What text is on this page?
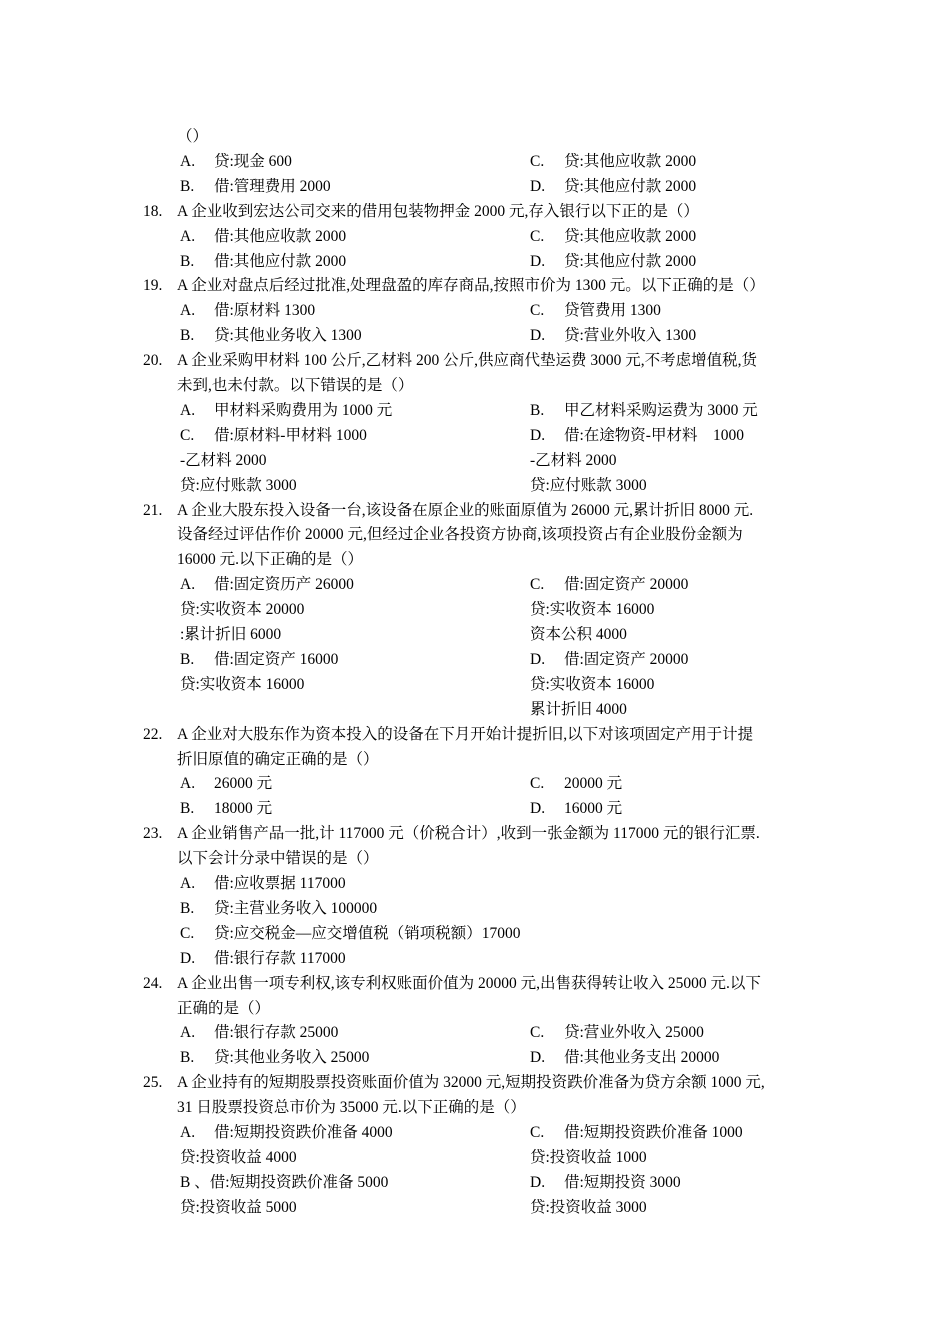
（）
A. 贷:现金 600	C. 贷:其他应收款 2000
B. 借:管理费用 2000	D. 贷:其他应付款 2000
18. A 企业收到宏达公司交来的借用包装物押金 2000 元,存入银行以下正的是（）
A. 借:其他应收款 2000	C. 贷:其他应收款 2000
B. 借:其他应付款 2000	D. 贷:其他应付款 2000
19. A 企业对盘点后经过批准,处理盘盈的库存商品,按照市价为 1300 元。以下正确的是（）
A. 借:原材料 1300	C. 贷管费用 1300
B. 贷:其他业务收入 1300	D. 贷:营业外收入 1300
20. A 企业采购甲材料 100 公斤,乙材料 200 公斤,供应商代垫运费 3000 元,不考虑增值税,货
未到,也未付款。以下错误的是（）
A. 甲材料采购费用为 1000 元	B. 甲乙材料采购运费为 3000 元
C. 借:原材料-甲材料 1000	D. 借:在途物资-甲材料　1000
-乙材料 2000	-乙材料 2000
贷:应付账款 3000	贷:应付账款 3000
21. A 企业大股东投入设备一台,该设备在原企业的账面原值为 26000 元,累计折旧 8000 元.
设备经过评估作价 20000 元,但经过企业各投资方协商,该项投资占有企业股份金额为
16000 元.以下正确的是（）
A. 借:固定资历产 26000	C. 借:固定资产 20000
贷:实收资本 20000	贷:实收资本 16000
:累计折旧 6000	资本公积 4000
B. 借:固定资产 16000	D. 借:固定资产 20000
贷:实收资本 16000	贷:实收资本 16000
累计折旧 4000
22. A 企业对大股东作为资本投入的设备在下月开始计提折旧,以下对该项固定产用于计提
折旧原值的确定正确的是（）
A. 26000 元	C. 20000 元
B. 18000 元	D. 16000 元
23. A 企业销售产品一批,计 117000 元（价税合计）,收到一张金额为 117000 元的银行汇票.
以下会计分录中错误的是（）
A. 借:应收票据 117000
B. 贷:主营业务收入 100000
C. 贷:应交税金—应交增值税（销项税额）17000
D. 借:银行存款 117000
24. A 企业出售一项专利权,该专利权账面价值为 20000 元,出售获得转让收入 25000 元.以下
正确的是（）
A. 借:银行存款 25000	C. 贷:营业外收入 25000
B. 贷:其他业务收入 25000	D. 借:其他业务支出 20000
25. A 企业持有的短期股票投资账面价值为 32000 元,短期投资跌价准备为贷方余额 1000 元,
31 日股票投资总市价为 35000 元.以下正确的是（）
A. 借:短期投资跌价准备 4000	C. 借:短期投资跌价准备 1000
贷:投资收益 4000	贷:投资收益 1000
B 、借:短期投资跌价准备 5000	D. 借:短期投资 3000
贷:投资收益 5000	贷:投资收益 3000
